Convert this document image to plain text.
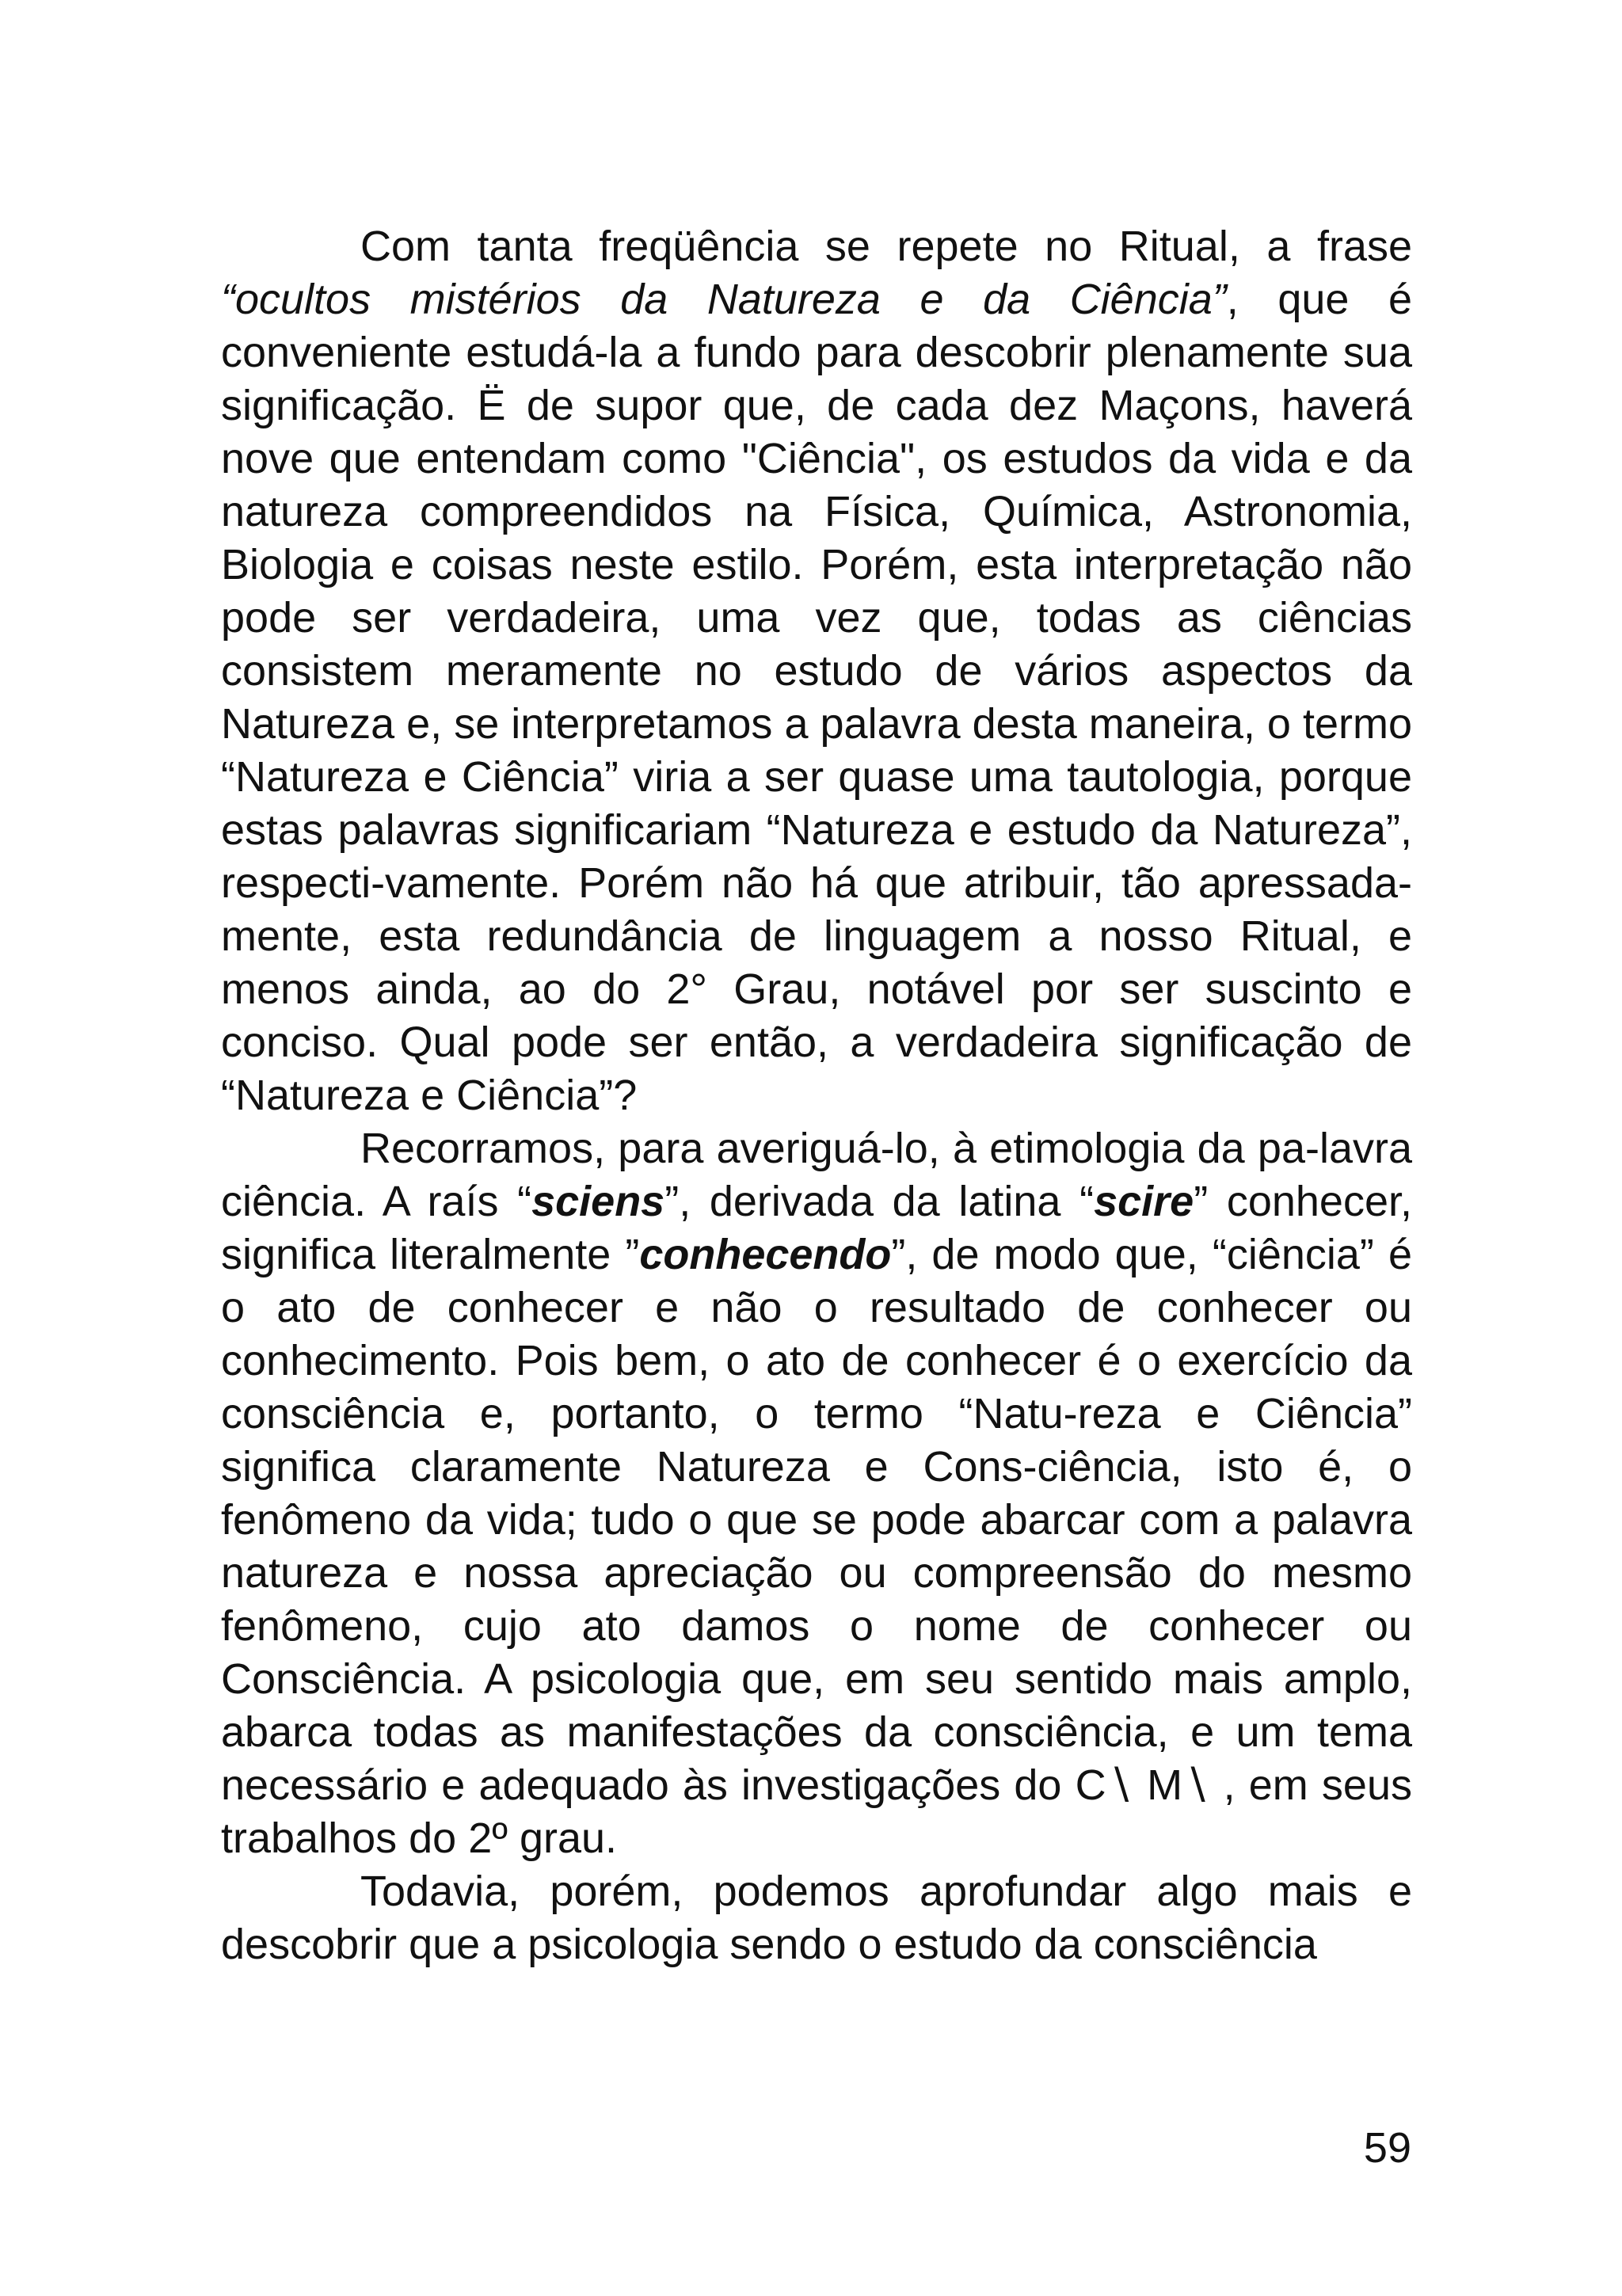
Com tanta freqüência se repete no Ritual, a frase “ocultos mistérios da Natureza e da Ciência”, que é conveniente estudá-la a fundo para descobrir plenamente sua significação. Ë de supor que, de cada dez Maçons, haverá nove que entendam como "Ciência", os estudos da vida e da natureza compreendidos na Física, Química, Astronomia, Biologia e coisas neste estilo. Porém, esta interpretação não pode ser verdadeira, uma vez que, todas as ciências consistem meramente no estudo de vários aspectos da Natureza e, se interpretamos a palavra desta maneira, o termo “Natureza e Ciência” viria a ser quase uma tautologia, porque estas palavras significariam “Natureza e estudo da Natureza”, respecti-vamente. Porém não há que atribuir, tão apressada-mente, esta redundância de linguagem a nosso Ritual, e menos ainda, ao do 2° Grau, notável por ser suscinto e conciso. Qual pode ser então, a verdadeira significação de “Natureza e Ciência”?

Recorramos, para averiguá-lo, à etimologia da pa-lavra ciência. A raís “sciens”, derivada da latina “scire” conhecer, significa literalmente ”conhecendo”, de modo que, “ciência” é o ato de conhecer e não o resultado de conhecer ou conhecimento. Pois bem, o ato de conhecer é o exercício da consciência e, portanto, o termo “Natu-reza e Ciência” significa claramente Natureza e Cons-ciência, isto é, o fenômeno da vida; tudo o que se pode abarcar com a palavra natureza e nossa apreciação ou compreensão do mesmo fenômeno, cujo ato damos o nome de conhecer ou Consciência. A psicologia que, em seu sentido mais amplo, abarca todas as manifestações da consciência, e um tema necessário e adequado às investigações do C∖ M∖ , em seus trabalhos do 2º grau.

Todavia, porém, podemos aprofundar algo mais e descobrir que a psicologia sendo o estudo da consciência

59
